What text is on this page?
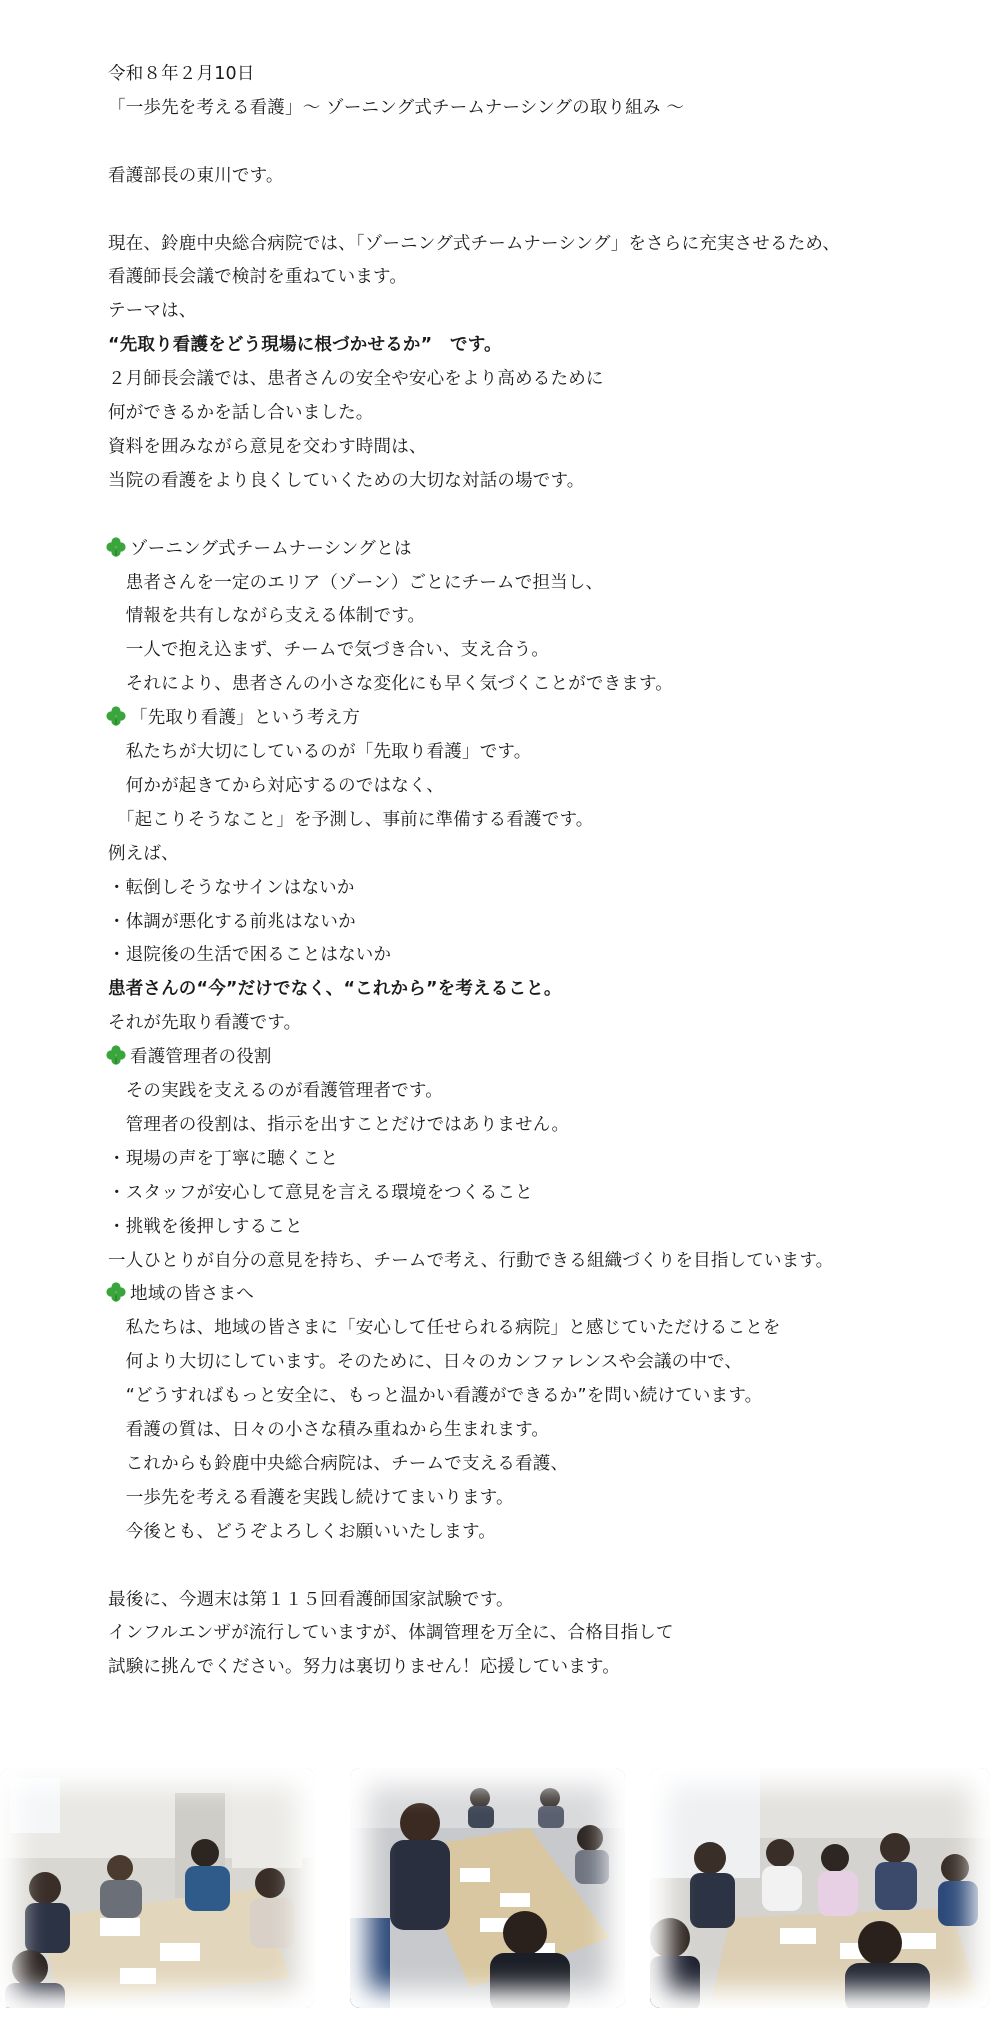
令和８年２月10日
「一歩先を考える看護」～ ゾーニング式チームナーシングの取り組み ～
看護部長の東川です。
現在、鈴鹿中央総合病院では、「ゾーニング式チームナーシング」をさらに充実させるため、
看護師長会議で検討を重ねています。
テーマは、
“先取り看護をどう現場に根づかせるか”　です。
２月師長会議では、患者さんの安全や安心をより高めるために
何ができるかを話し合いました。
資料を囲みながら意見を交わす時間は、
当院の看護をより良くしていくための大切な対話の場です。
ゾーニング式チームナーシングとは
　患者さんを一定のエリア（ゾーン）ごとにチームで担当し、
　情報を共有しながら支える体制です。
　一人で抱え込まず、チームで気づき合い、支え合う。
　それにより、患者さんの小さな変化にも早く気づくことができます。
「先取り看護」という考え方
　私たちが大切にしているのが「先取り看護」です。
　何かが起きてから対応するのではなく、
　「起こりそうなこと」を予測し、事前に準備する看護です。
例えば、
・転倒しそうなサインはないか
・体調が悪化する前兆はないか
・退院後の生活で困ることはないか
患者さんの“今”だけでなく、“これから”を考えること。
それが先取り看護です。
看護管理者の役割
　その実践を支えるのが看護管理者です。
　管理者の役割は、指示を出すことだけではありません。
・現場の声を丁寧に聴くこと
・スタッフが安心して意見を言える環境をつくること
・挑戦を後押しすること
一人ひとりが自分の意見を持ち、チームで考え、行動できる組織づくりを目指しています。
地域の皆さまへ
　私たちは、地域の皆さまに「安心して任せられる病院」と感じていただけることを
　何より大切にしています。そのために、日々のカンファレンスや会議の中で、
　“どうすればもっと安全に、もっと温かい看護ができるか”を問い続けています。
　看護の質は、日々の小さな積み重ねから生まれます。
　これからも鈴鹿中央総合病院は、チームで支える看護、
　一歩先を考える看護を実践し続けてまいります。
　今後とも、どうぞよろしくお願いいたします。
最後に、今週末は第１１５回看護師国家試験です。
インフルエンザが流行していますが、体調管理を万全に、合格目指して
試験に挑んでください。努力は裏切りません！応援しています。
